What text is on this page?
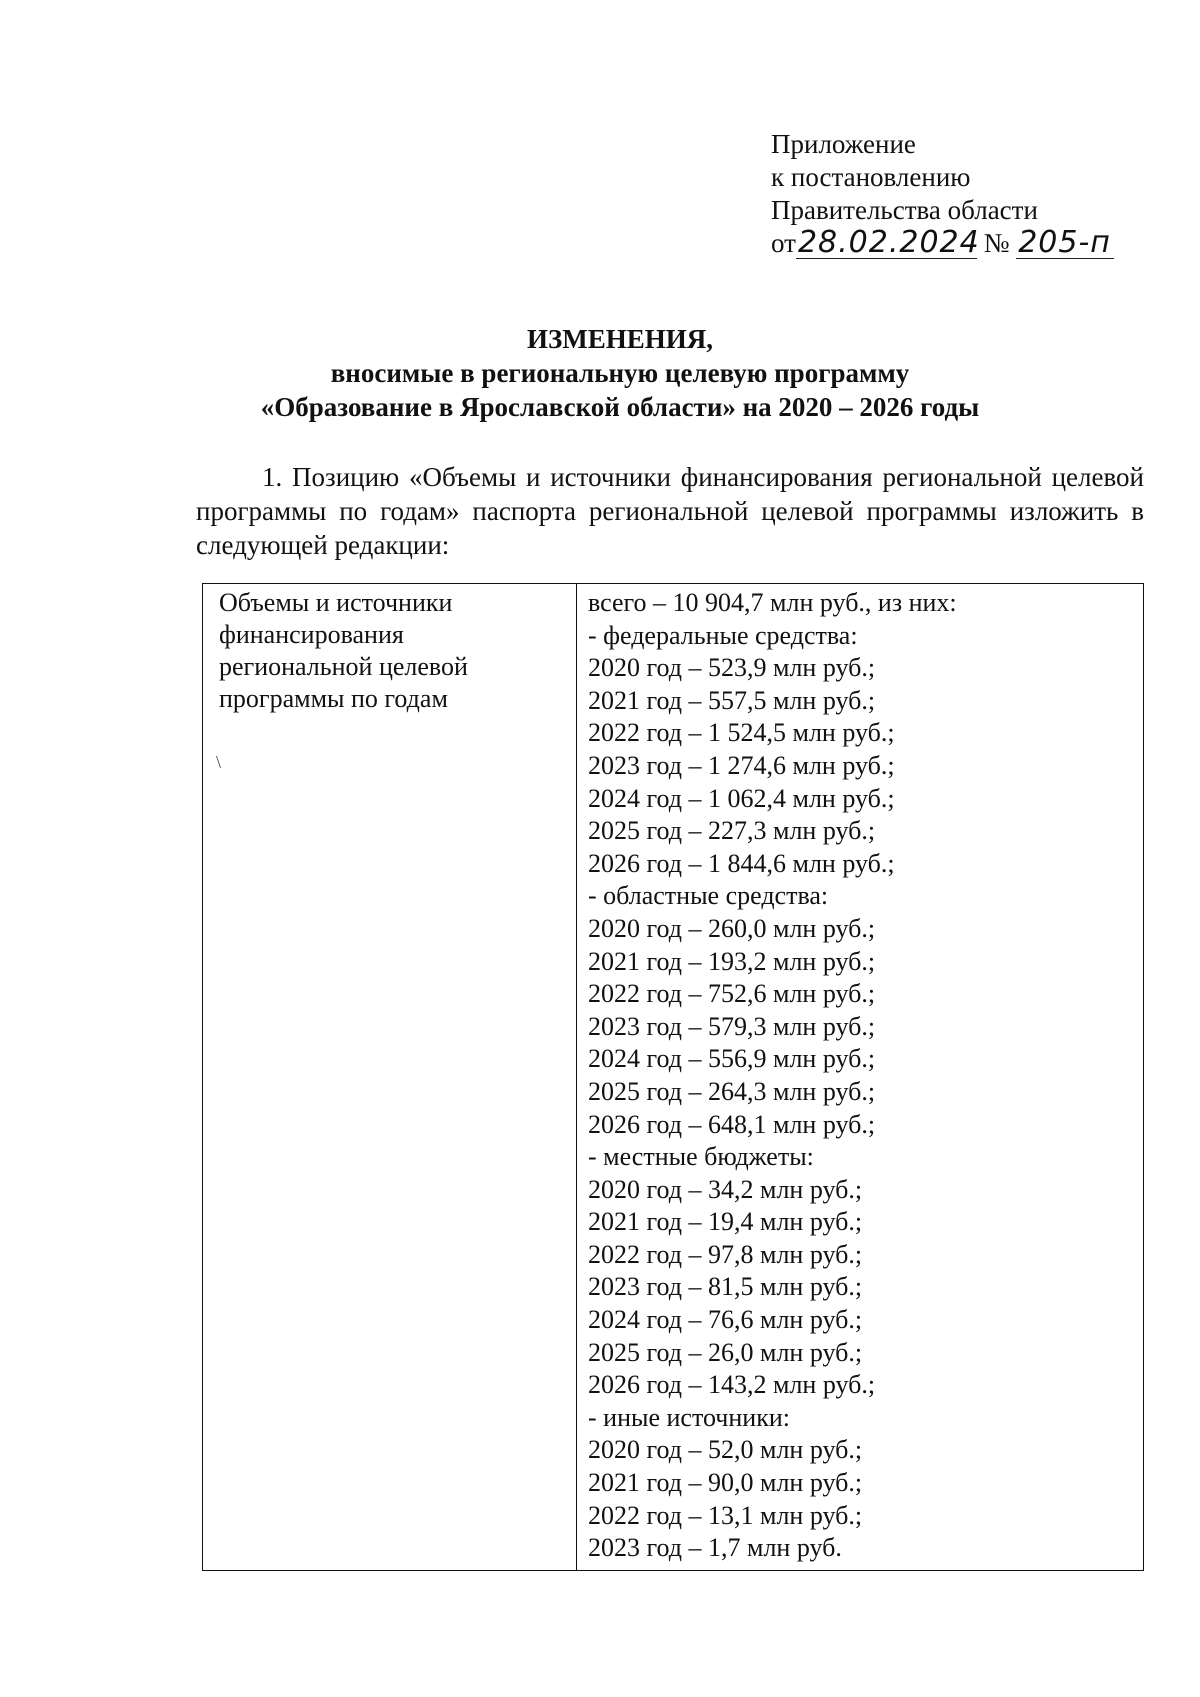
Приложение
к постановлению
Правительства области
от28.02.2024 № 205-п
ИЗМЕНЕНИЯ,
вносимые в региональную целевую программу
«Образование в Ярославской области» на 2020 – 2026 годы
1. Позицию «Объемы и источники финансирования региональной целевой программы по годам» паспорта региональной целевой программы изложить в следующей редакции:
Объемы и источники
финансирования
региональной целевой
программы по годам
\
всего – 10 904,7 млн руб., из них:
- федеральные средства:
2020 год – 523,9 млн руб.;
2021 год – 557,5 млн руб.;
2022 год – 1 524,5 млн руб.;
2023 год – 1 274,6 млн руб.;
2024 год – 1 062,4 млн руб.;
2025 год – 227,3 млн руб.;
2026 год – 1 844,6 млн руб.;
- областные средства:
2020 год – 260,0 млн руб.;
2021 год – 193,2 млн руб.;
2022 год – 752,6 млн руб.;
2023 год – 579,3 млн руб.;
2024 год – 556,9 млн руб.;
2025 год – 264,3 млн руб.;
2026 год – 648,1 млн руб.;
- местные бюджеты:
2020 год – 34,2 млн руб.;
2021 год – 19,4 млн руб.;
2022 год – 97,8 млн руб.;
2023 год – 81,5 млн руб.;
2024 год – 76,6 млн руб.;
2025 год – 26,0 млн руб.;
2026 год – 143,2 млн руб.;
- иные источники:
2020 год – 52,0 млн руб.;
2021 год – 90,0 млн руб.;
2022 год – 13,1 млн руб.;
2023 год – 1,7 млн руб.
